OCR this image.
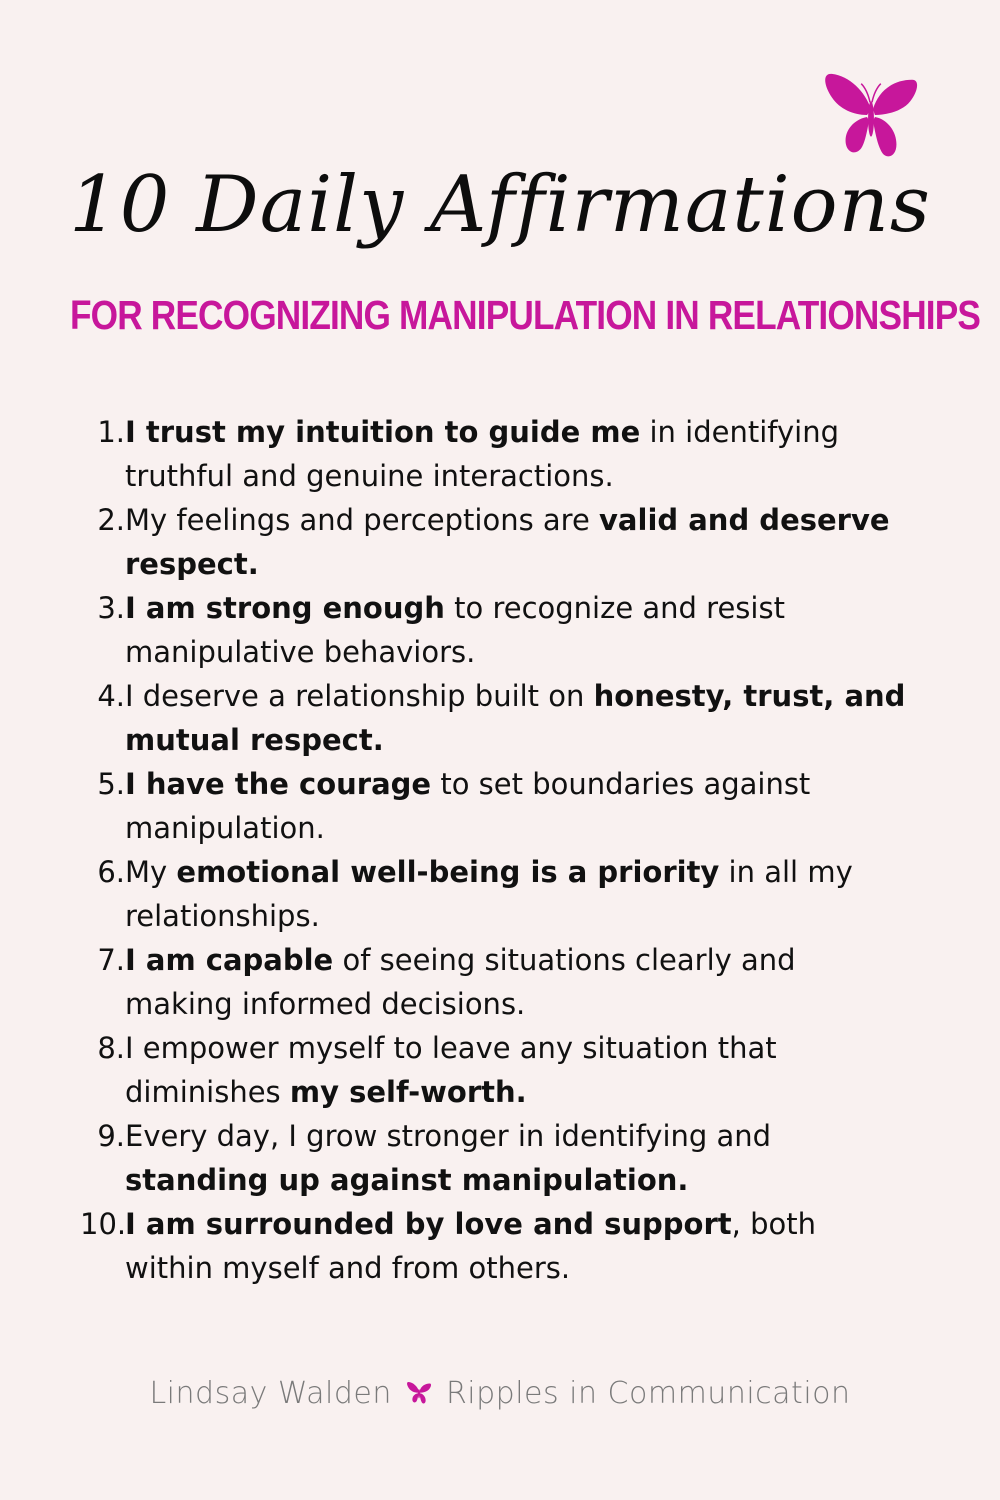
10 Daily Affirmations
FOR RECOGNIZING MANIPULATION IN RELATIONSHIPS
1. I trust my intuition to guide me in identifying truthful and genuine interactions.
2. My feelings and perceptions are valid and deserve respect.
3. I am strong enough to recognize and resist manipulative behaviors.
4. I deserve a relationship built on honesty, trust, and mutual respect.
5. I have the courage to set boundaries against manipulation.
6. My emotional well-being is a priority in all my relationships.
7. I am capable of seeing situations clearly and making informed decisions.
8. I empower myself to leave any situation that diminishes my self-worth.
9. Every day, I grow stronger in identifying and standing up against manipulation.
10.
I am surrounded by love and support, both within myself and from others.
Lindsay Walden Ripples in Communication
